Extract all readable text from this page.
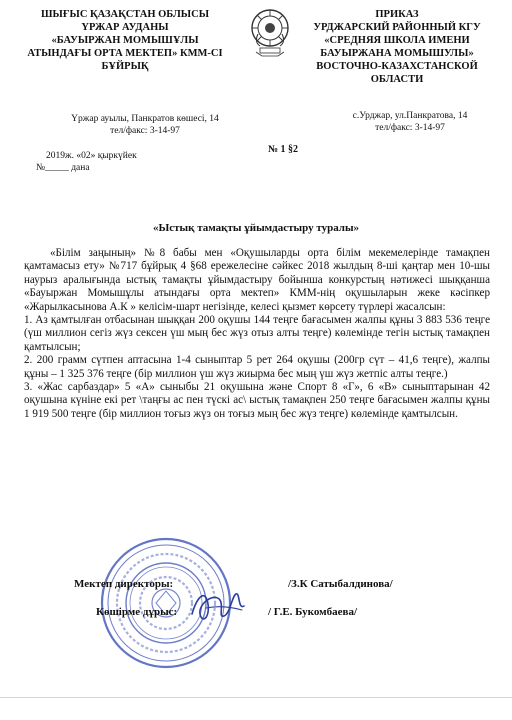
ШЫҒЫС ҚАЗАҚСТАН ОБЛЫСЫ
ҮРЖАР АУДАНЫ
«БАУЫРЖАН МОМЫШҰЛЫ
АТЫНДАҒЫ ОРТА МЕКТЕП» КММ-СІ
БҰЙРЫҚ
ПРИКАЗ
УРДЖАРСКИЙ РАЙОННЫЙ КГУ
«СРЕДНЯЯ ШКОЛА ИМЕНИ
БАУЫРЖАНА МОМЫШУЛЫ»
ВОСТОЧНО-КАЗАХСТАНСКОЙ
ОБЛАСТИ
Үржар ауылы, Панкратов көшесі, 14
тел/факс: 3-14-97
с.Урджар, ул.Панкратова, 14
тел/факс: 3-14-97
№ 1 §2
2019ж. «02» қыркүйек
№_____ дана
«Ыстық тамақты ұйымдастыру туралы»

«Білім заңының» №8 бабы мен «Оқушыларды орта білім мекемелерінде тамақпен қамтамасыз ету» №717 бұйрық 4 §68 ережелесіне сәйкес 2018 жылдың 8-ші қаңтар мен 10-шы наурыз аралығында ыстық тамақты ұйымдастыру бойынша конкурстың нәтижесі шыққанша «Бауыржан Момышұлы атындағы орта мектеп» КММ-нің оқушыларын жеке кәсіпкер «Жарылкасынова А.К » келісім-шарт негізінде, келесі қызмет көрсету түрлері жасалсын:

1. Аз қамтылған отбасынан шыққан 200 оқушы 144 теңге бағасымен жалпы құны 3 883 536 теңге (үш миллион сегіз жүз сексен үш мың бес жүз отыз алты теңге) көлемінде тегін ыстық тамақпен қамтылсын;

2. 200 грамм сүтпен аптасына 1-4 сыныптар 5 рет 264 оқушы (200гр сүт – 41,6 теңге), жалпы құны – 1 325 376 теңге (бір миллион үш жүз жиырма бес мың үш жүз жетпіс алты теңге.)

3. «Жас сарбаздар» 5 «А» сыныбы 21 оқушына және Спорт 8 «Г», 6 «В» сыныптарынан 42 оқушына күніне екі рет \таңғы ас пен түскі ас\ ыстық тамақпен 250 теңге бағасымен жалпы құны 1 919 500 теңге (бір миллион тоғыз жүз он тоғыз мың бес жүз теңге) көлемінде қамтылсын.

Мектеп директоры:	/З.К Сатыбалдинова/
Көшірме дұрыс:	/ Г.Е. Букомбаева/
